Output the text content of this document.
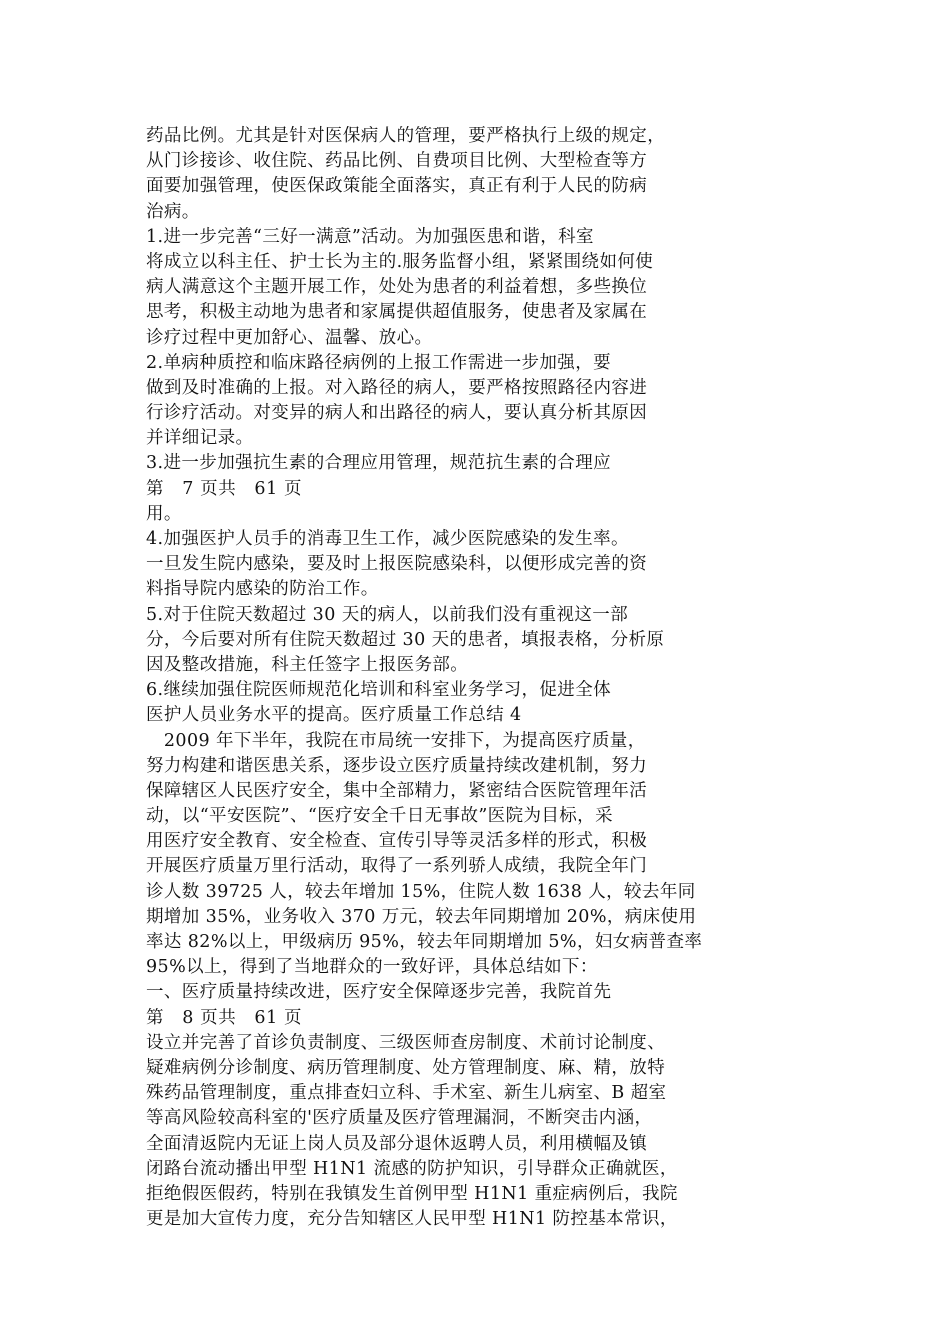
药品比例。尤其是针对医保病人的管理，要严格执行上级的规定，
从门诊接诊、收住院、药品比例、自费项目比例、大型检查等方
面要加强管理，使医保政策能全面落实，真正有利于人民的防病
治病。
1.进一步完善“三好一满意”活动。为加强医患和谐，科室
将成立以科主任、护士长为主的.服务监督小组，紧紧围绕如何使
病人满意这个主题开展工作，处处为患者的利益着想，多些换位
思考，积极主动地为患者和家属提供超值服务，使患者及家属在
诊疗过程中更加舒心、温馨、放心。
2.单病种质控和临床路径病例的上报工作需进一步加强，要
做到及时准确的上报。对入路径的病人，要严格按照路径内容进
行诊疗活动。对变异的病人和出路径的病人，要认真分析其原因
并详细记录。
3.进一步加强抗生素的合理应用管理，规范抗生素的合理应
第　7 页共　61 页
用。
4.加强医护人员手的消毒卫生工作，减少医院感染的发生率。
一旦发生院内感染，要及时上报医院感染科，以便形成完善的资
料指导院内感染的防治工作。
5.对于住院天数超过 30 天的病人，以前我们没有重视这一部
分，今后要对所有住院天数超过 30 天的患者，填报表格，分析原
因及整改措施，科主任签字上报医务部。
6.继续加强住院医师规范化培训和科室业务学习，促进全体
医护人员业务水平的提高。医疗质量工作总结 4
　2009 年下半年，我院在市局统一安排下，为提高医疗质量，
努力构建和谐医患关系，逐步设立医疗质量持续改建机制，努力
保障辖区人民医疗安全，集中全部精力，紧密结合医院管理年活
动，以“平安医院”、“医疗安全千日无事故”医院为目标，采
用医疗安全教育、安全检查、宣传引导等灵活多样的形式，积极
开展医疗质量万里行活动，取得了一系列骄人成绩，我院全年门
诊人数 39725 人，较去年增加 15%，住院人数 1638 人，较去年同
期增加 35%，业务收入 370 万元，较去年同期增加 20%，病床使用
率达 82%以上，甲级病历 95%，较去年同期增加 5%，妇女病普查率
95%以上，得到了当地群众的一致好评，具体总结如下：
一、医疗质量持续改进，医疗安全保障逐步完善，我院首先
第　8 页共　61 页
设立并完善了首诊负责制度、三级医师查房制度、术前讨论制度、
疑难病例分诊制度、病历管理制度、处方管理制度、麻、精，放特
殊药品管理制度，重点排查妇立科、手术室、新生儿病室、B 超室
等高风险较高科室的'医疗质量及医疗管理漏洞，不断突击内涵，
全面清返院内无证上岗人员及部分退休返聘人员，利用横幅及镇
闭路台流动播出甲型 H1N1 流感的防护知识，引导群众正确就医，
拒绝假医假药，特别在我镇发生首例甲型 H1N1 重症病例后，我院
更是加大宣传力度，充分告知辖区人民甲型 H1N1 防控基本常识，
